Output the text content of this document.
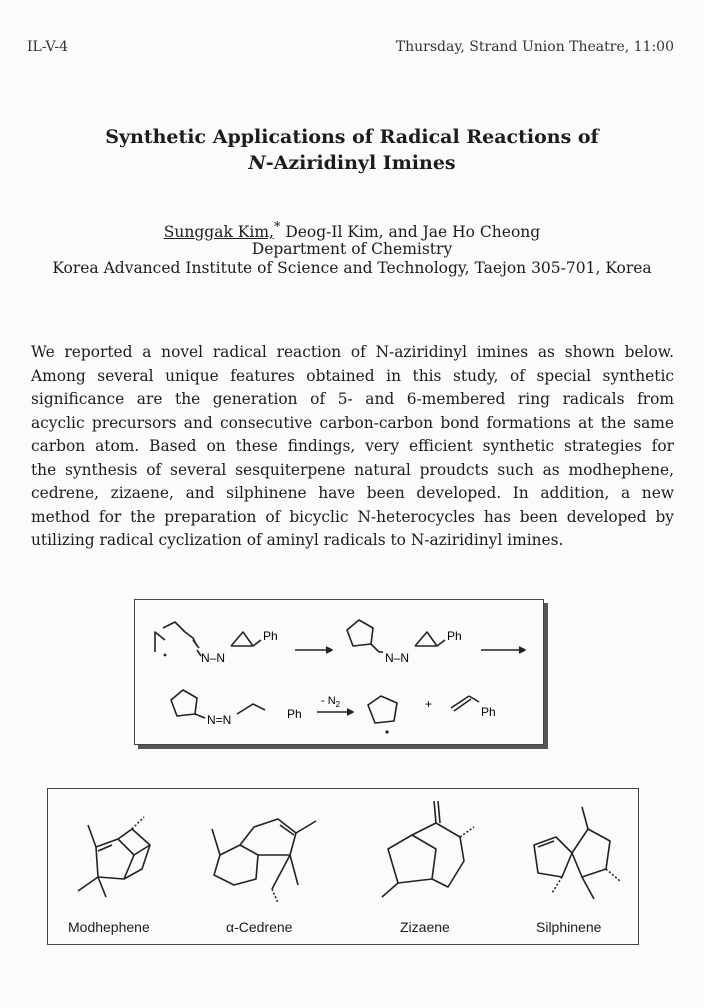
IL-V-4	Thursday, Strand Union Theatre, 11:00
Synthetic Applications of Radical Reactions of
N-Aziridinyl Imines
Sunggak Kim,* Deog-Il Kim, and Jae Ho Cheong
Department of Chemistry
Korea Advanced Institute of Science and Technology, Taejon 305-701, Korea
We reported a novel radical reaction of N-aziridinyl imines as shown below.
Among several unique features obtained in this study, of special synthetic
significance are the generation of 5- and 6-membered ring radicals from
acyclic precursors and consecutive carbon-carbon bond formations at the same
carbon atom. Based on these findings, very efficient synthetic strategies for
the synthesis of several sesquiterpene natural proudcts such as modhephene,
cedrene, zizaene, and silphinene have been developed. In addition, a new
method for the preparation of bicyclic N-heterocycles has been developed by
utilizing radical cyclization of aminyl radicals to N-aziridinyl imines.
Ph
N–N
Ph
N–N
N=N	Ph
- $N_2$	+
Ph
Modhephene	α-Cedrene	Zizaene	Silphinene
